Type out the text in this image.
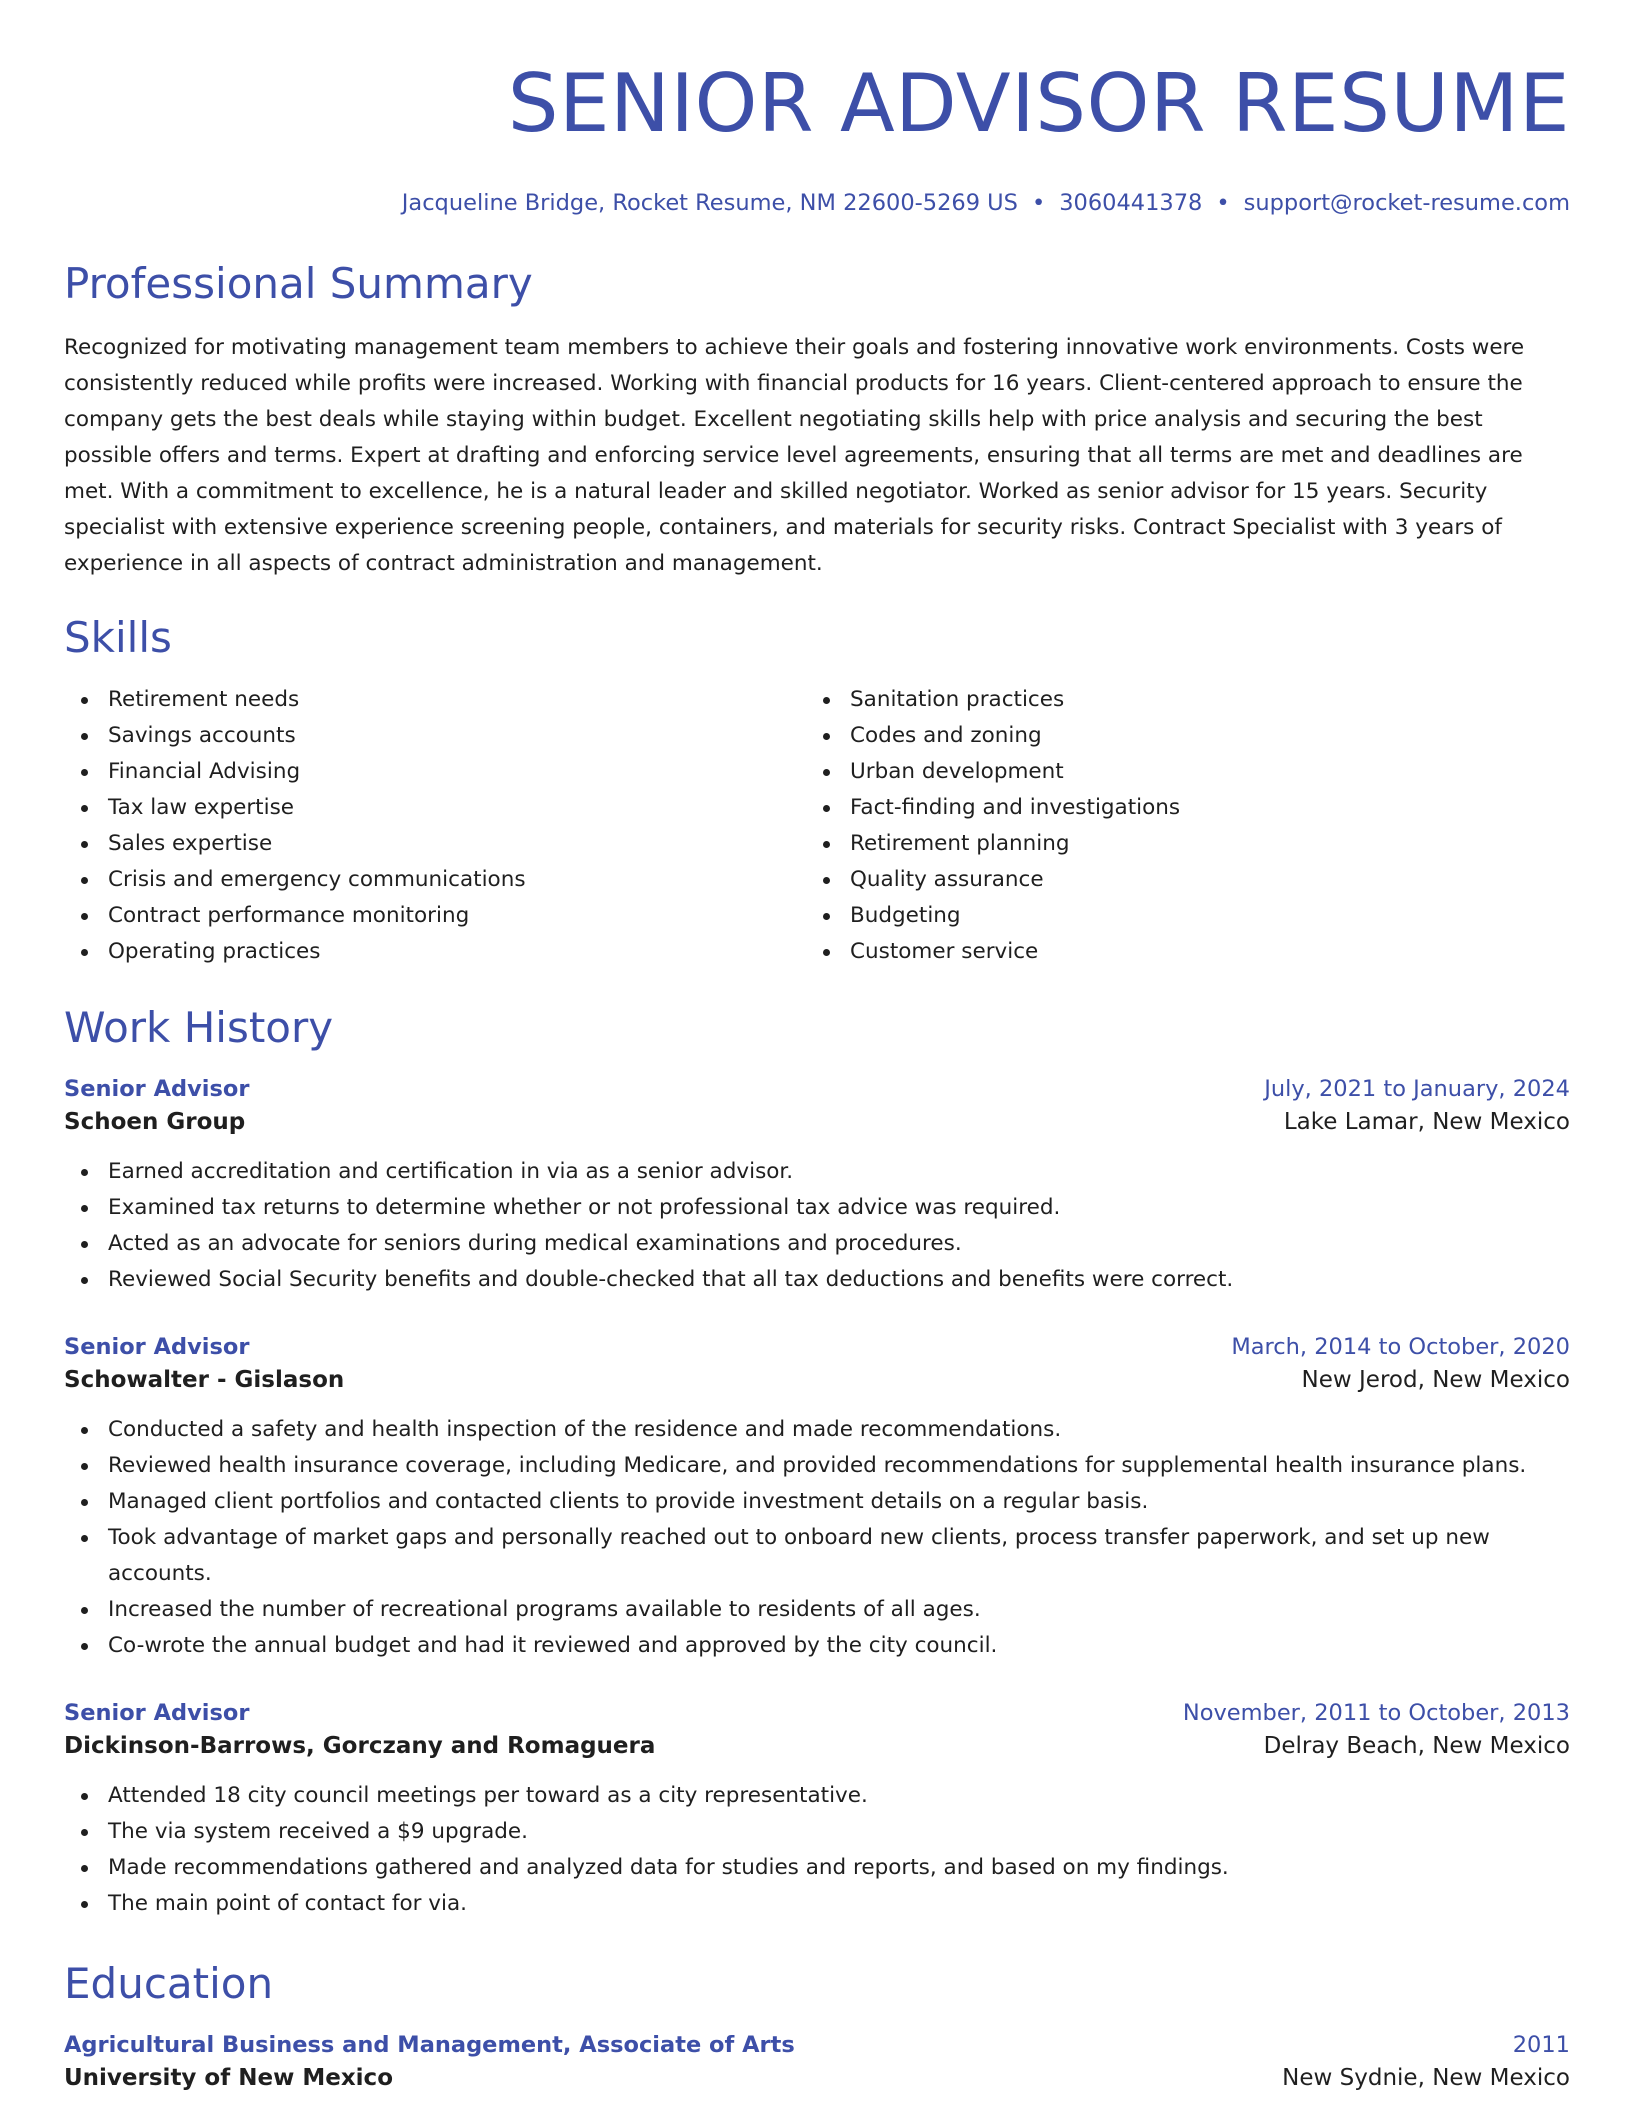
SENIOR ADVISOR RESUME
Jacqueline Bridge, Rocket Resume, NM 22600-5269 US • 3060441378 • support@rocket-resume.com
Professional Summary

Recognized for motivating management team members to achieve their goals and fostering innovative work environments. Costs were consistently reduced while profits were increased. Working with financial products for 16 years. Client-centered approach to ensure the company gets the best deals while staying within budget. Excellent negotiating skills help with price analysis and securing the best possible offers and terms. Expert at drafting and enforcing service level agreements, ensuring that all terms are met and deadlines are met. With a commitment to excellence, he is a natural leader and skilled negotiator. Worked as senior advisor for 15 years. Security specialist with extensive experience screening people, containers, and materials for security risks. Contract Specialist with 3 years of experience in all aspects of contract administration and management.

Skills
Retirement needs
Savings accounts
Financial Advising
Tax law expertise
Sales expertise
Crisis and emergency communications
Contract performance monitoring
Operating practices
Sanitation practices
Codes and zoning
Urban development
Fact-finding and investigations
Retirement planning
Quality assurance
Budgeting
Customer service
Work History
Senior Advisor	July, 2021 to January, 2024
Schoen Group	Lake Lamar, New Mexico
Earned accreditation and certification in via as a senior advisor.
Examined tax returns to determine whether or not professional tax advice was required.
Acted as an advocate for seniors during medical examinations and procedures.
Reviewed Social Security benefits and double-checked that all tax deductions and benefits were correct.
Senior Advisor	March, 2014 to October, 2020
Schowalter - Gislason	New Jerod, New Mexico
Conducted a safety and health inspection of the residence and made recommendations.
Reviewed health insurance coverage, including Medicare, and provided recommendations for supplemental health insurance plans.
Managed client portfolios and contacted clients to provide investment details on a regular basis.
Took advantage of market gaps and personally reached out to onboard new clients, process transfer paperwork, and set up new accounts.
Increased the number of recreational programs available to residents of all ages.
Co-wrote the annual budget and had it reviewed and approved by the city council.
Senior Advisor	November, 2011 to October, 2013
Dickinson-Barrows, Gorczany and Romaguera	Delray Beach, New Mexico
Attended 18 city council meetings per toward as a city representative.
The via system received a $9 upgrade.
Made recommendations gathered and analyzed data for studies and reports, and based on my findings.
The main point of contact for via.
Education
Agricultural Business and Management, Associate of Arts	2011
University of New Mexico	New Sydnie, New Mexico
